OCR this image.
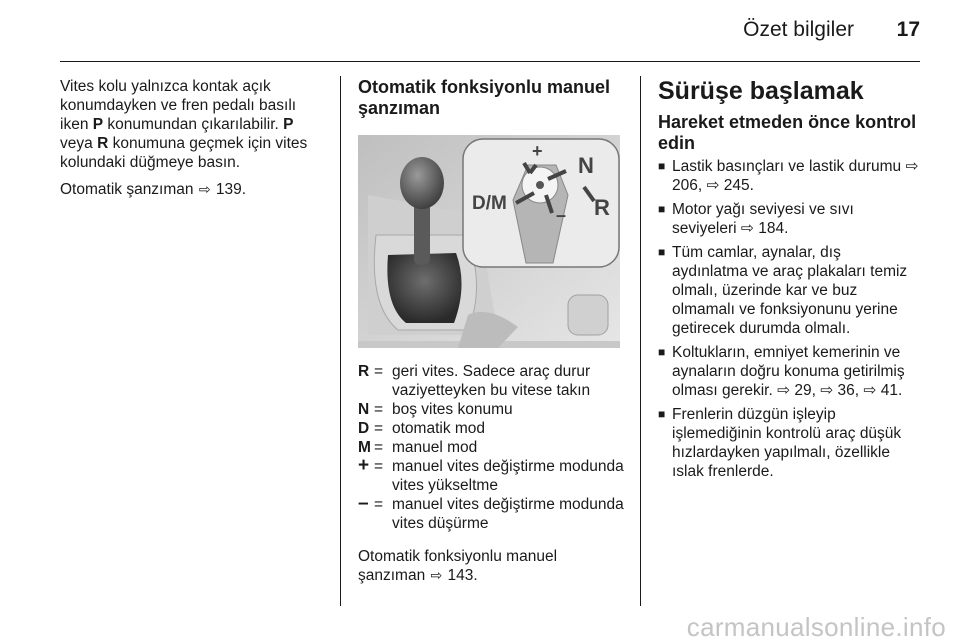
Özet bilgiler 17

Vites kolu yalnızca kontak açık konumdayken ve fren pedalı basılı iken P konumundan çıkarılabilir. P veya R konumuna geçmek için vites kolundaki düğmeye basın.

Otomatik şanzıman ⇨ 139.

Otomatik fonksiyonlu manuel şanzıman
D/M
N
R
+
–
R = geri vites. Sadece araç durur vaziyetteyken bu vitese takın
N = boş vites konumu
D = otomatik mod
M = manuel mod
+ = manuel vites değiştirme modunda vites yükseltme
– = manuel vites değiştirme modunda vites düşürme

Otomatik fonksiyonlu manuel şanzıman ⇨ 143.

Sürüşe başlamak
Hareket etmeden önce kontrol edin
■ Lastik basınçları ve lastik durumu ⇨ 206, ⇨ 245.
■ Motor yağı seviyesi ve sıvı seviyeleri ⇨ 184.
■ Tüm camlar, aynalar, dış aydınlatma ve araç plakaları temiz olmalı, üzerinde kar ve buz olmamalı ve fonksiyonunu yerine getirecek durumda olmalı.
■ Koltukların, emniyet kemerinin ve aynaların doğru konuma getirilmiş olması gerekir. ⇨ 29, ⇨ 36, ⇨ 41.
■ Frenlerin düzgün işleyip işlemediğinin kontrolü araç düşük hızlardayken yapılmalı, özellikle ıslak frenlerde.
carmanualsonline.info
